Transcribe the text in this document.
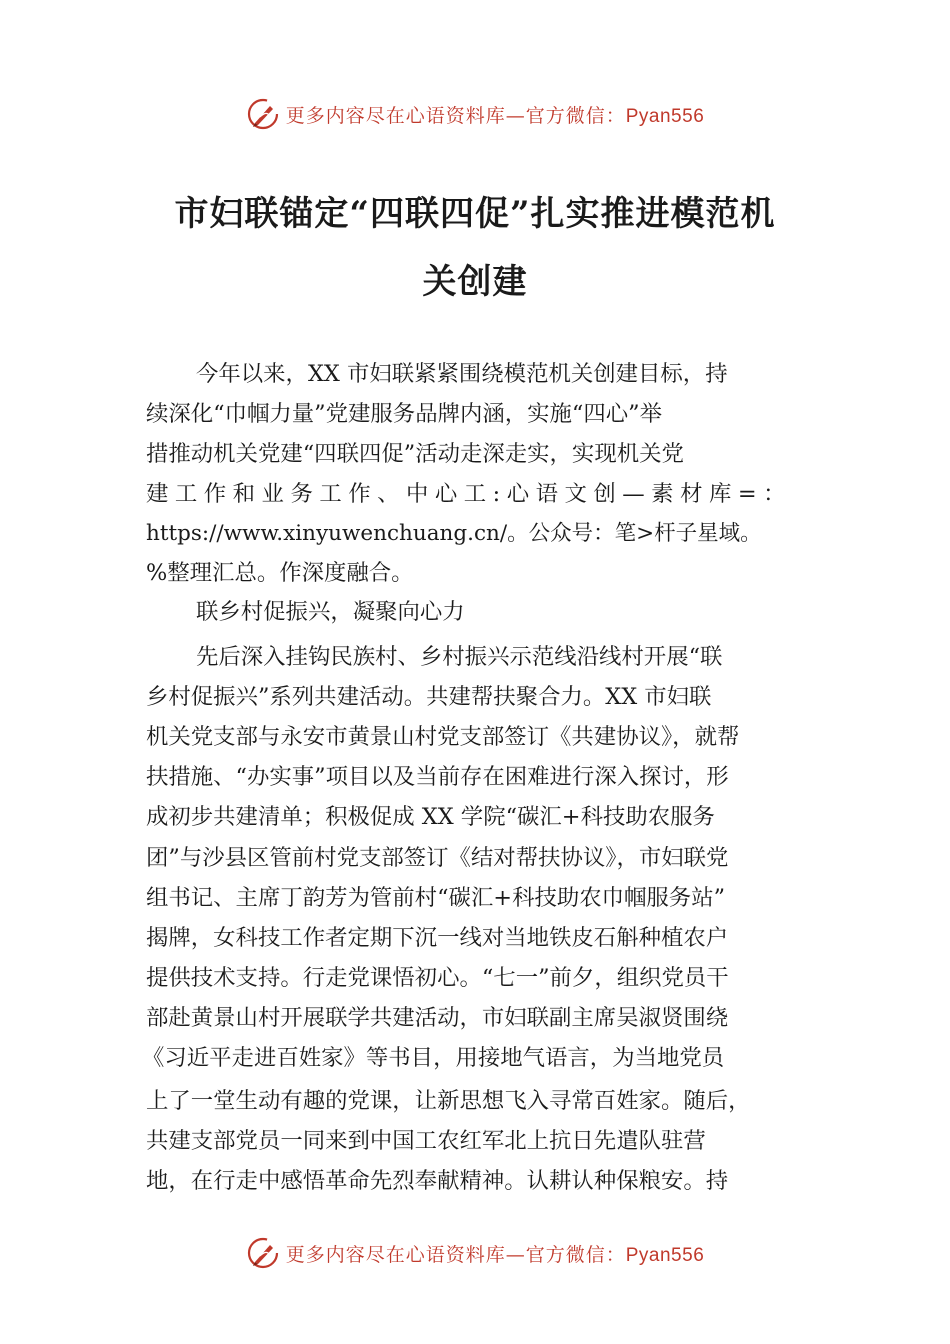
更多内容尽在心语资料库—官方微信：Pyan556
市妇联锚定“四联四促”扎实推进模范机
关创建
今年以来，XX 市妇联紧紧围绕模范机关创建目标，持
续深化“巾帼力量”党建服务品牌内涵，实施“四心”举
措推动机关党建“四联四促”活动走深走实，实现机关党
建工作和业务工作、中心工:心语文创—素材库=：
https://www.xinyuwenchuang.cn/。公众号：笔>杆子星域。
%整理汇总。作深度融合。
联乡村促振兴，凝聚向心力
先后深入挂钩民族村、乡村振兴示范线沿线村开展“联
乡村促振兴”系列共建活动。共建帮扶聚合力。XX 市妇联
机关党支部与永安市黄景山村党支部签订《共建协议》，就帮
扶措施、“办实事”项目以及当前存在困难进行深入探讨，形
成初步共建清单；积极促成 XX 学院“碳汇+科技助农服务
团”与沙县区管前村党支部签订《结对帮扶协议》，市妇联党
组书记、主席丁韵芳为管前村“碳汇+科技助农巾帼服务站”
揭牌，女科技工作者定期下沉一线对当地铁皮石斛种植农户
提供技术支持。行走党课悟初心。“七一”前夕，组织党员干
部赴黄景山村开展联学共建活动，市妇联副主席吴淑贤围绕
《习近平走进百姓家》等书目，用接地气语言，为当地党员
上了一堂生动有趣的党课，让新思想飞入寻常百姓家。随后，
共建支部党员一同来到中国工农红军北上抗日先遣队驻营
地，在行走中感悟革命先烈奉献精神。认耕认种保粮安。持
更多内容尽在心语资料库—官方微信：Pyan556
